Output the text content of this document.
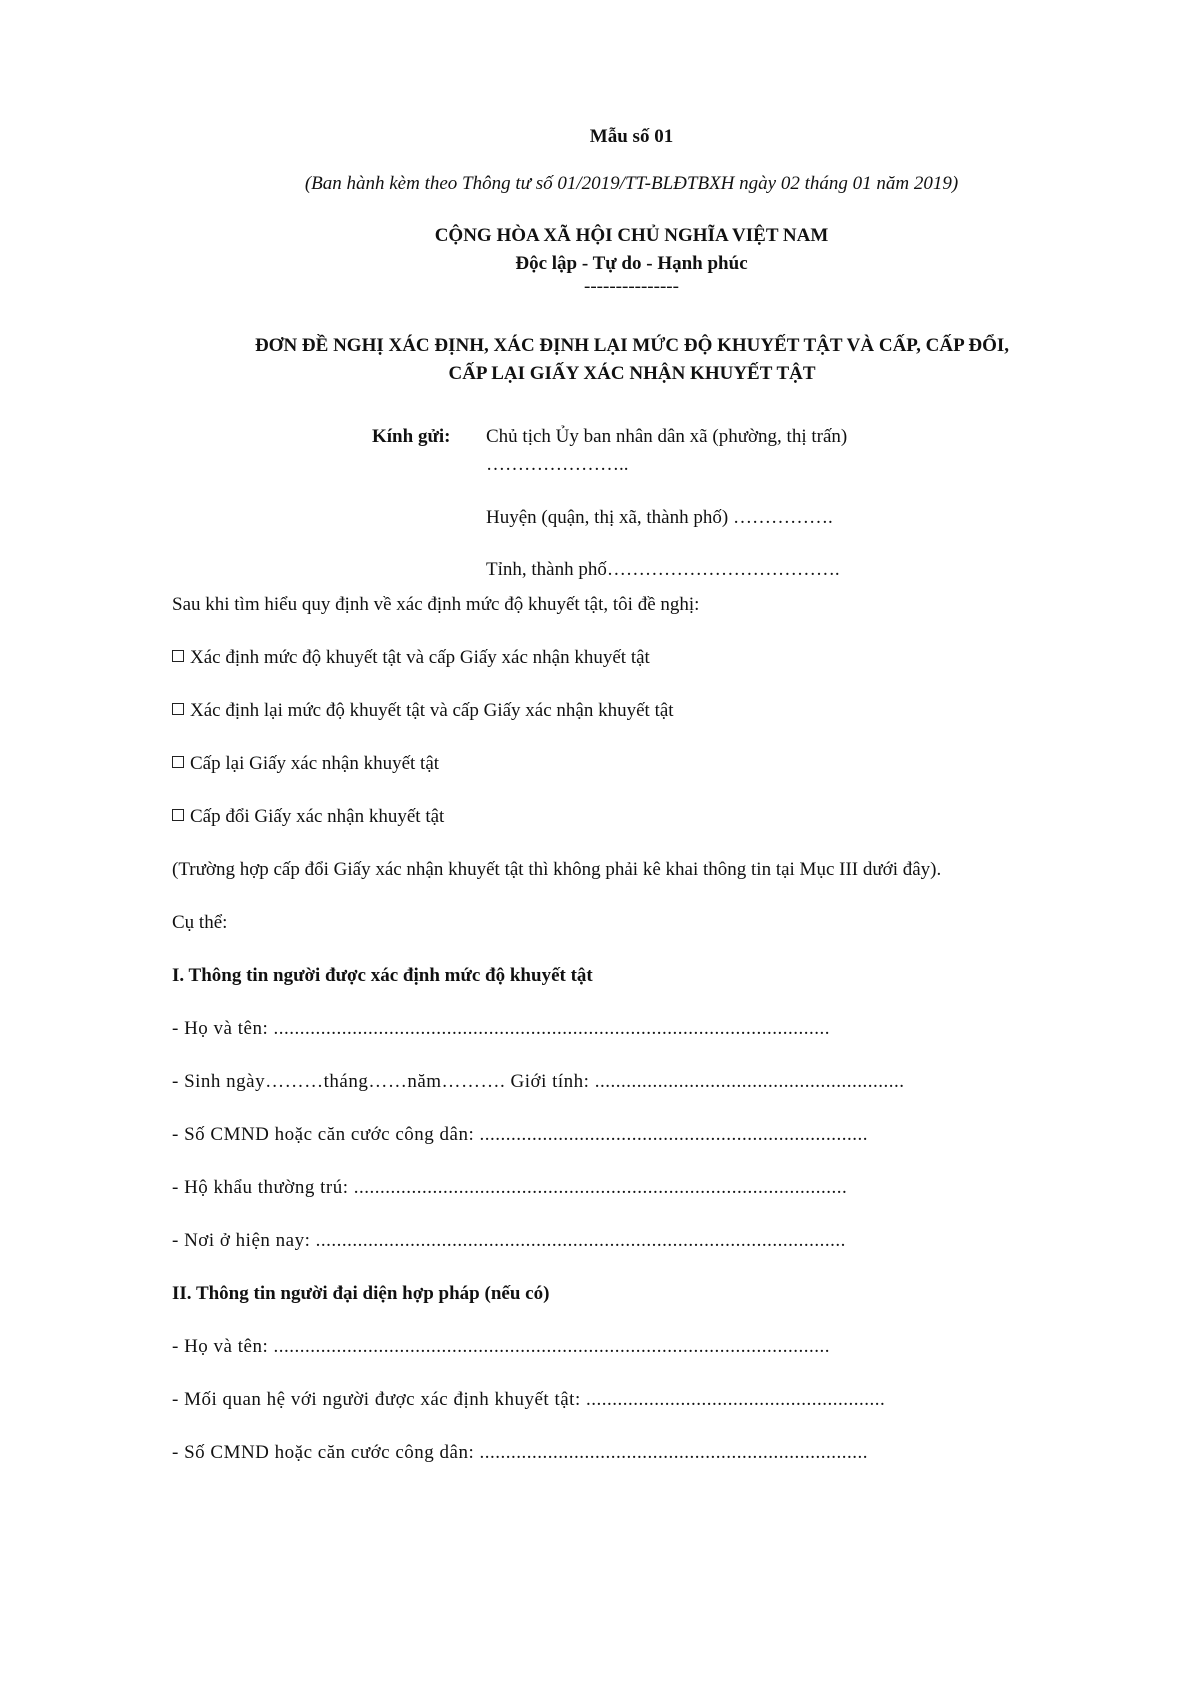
Mẫu số 01
(Ban hành kèm theo Thông tư số 01/2019/TT-BLĐTBXH ngày 02 tháng 01 năm 2019)
CỘNG HÒA XÃ HỘI CHỦ NGHĨA VIỆT NAM
Độc lập - Tự do - Hạnh phúc
---------------
ĐƠN ĐỀ NGHỊ XÁC ĐỊNH, XÁC ĐỊNH LẠI MỨC ĐỘ KHUYẾT TẬT VÀ CẤP, CẤP ĐỔI,
CẤP LẠI GIẤY XÁC NHẬN KHUYẾT TẬT
Kính gửi: Chủ tịch Ủy ban nhân dân xã (phường, thị trấn)
…………………..
Huyện (quận, thị xã, thành phố) …………….
Tỉnh, thành phố……………………………….
Sau khi tìm hiểu quy định về xác định mức độ khuyết tật, tôi đề nghị:
Xác định mức độ khuyết tật và cấp Giấy xác nhận khuyết tật
Xác định lại mức độ khuyết tật và cấp Giấy xác nhận khuyết tật
Cấp lại Giấy xác nhận khuyết tật
Cấp đổi Giấy xác nhận khuyết tật
(Trường hợp cấp đổi Giấy xác nhận khuyết tật thì không phải kê khai thông tin tại Mục III dưới đây).
Cụ thể:
I. Thông tin người được xác định mức độ khuyết tật
- Họ và tên: ..........................................................................................................
- Sinh ngày………tháng……năm………. Giới tính: ...........................................................
- Số CMND hoặc căn cước công dân: ..........................................................................
- Hộ khẩu thường trú: ..............................................................................................
- Nơi ở hiện nay: .....................................................................................................
II. Thông tin người đại diện hợp pháp (nếu có)
- Họ và tên: ..........................................................................................................
- Mối quan hệ với người được xác định khuyết tật: .........................................................
- Số CMND hoặc căn cước công dân: ..........................................................................
